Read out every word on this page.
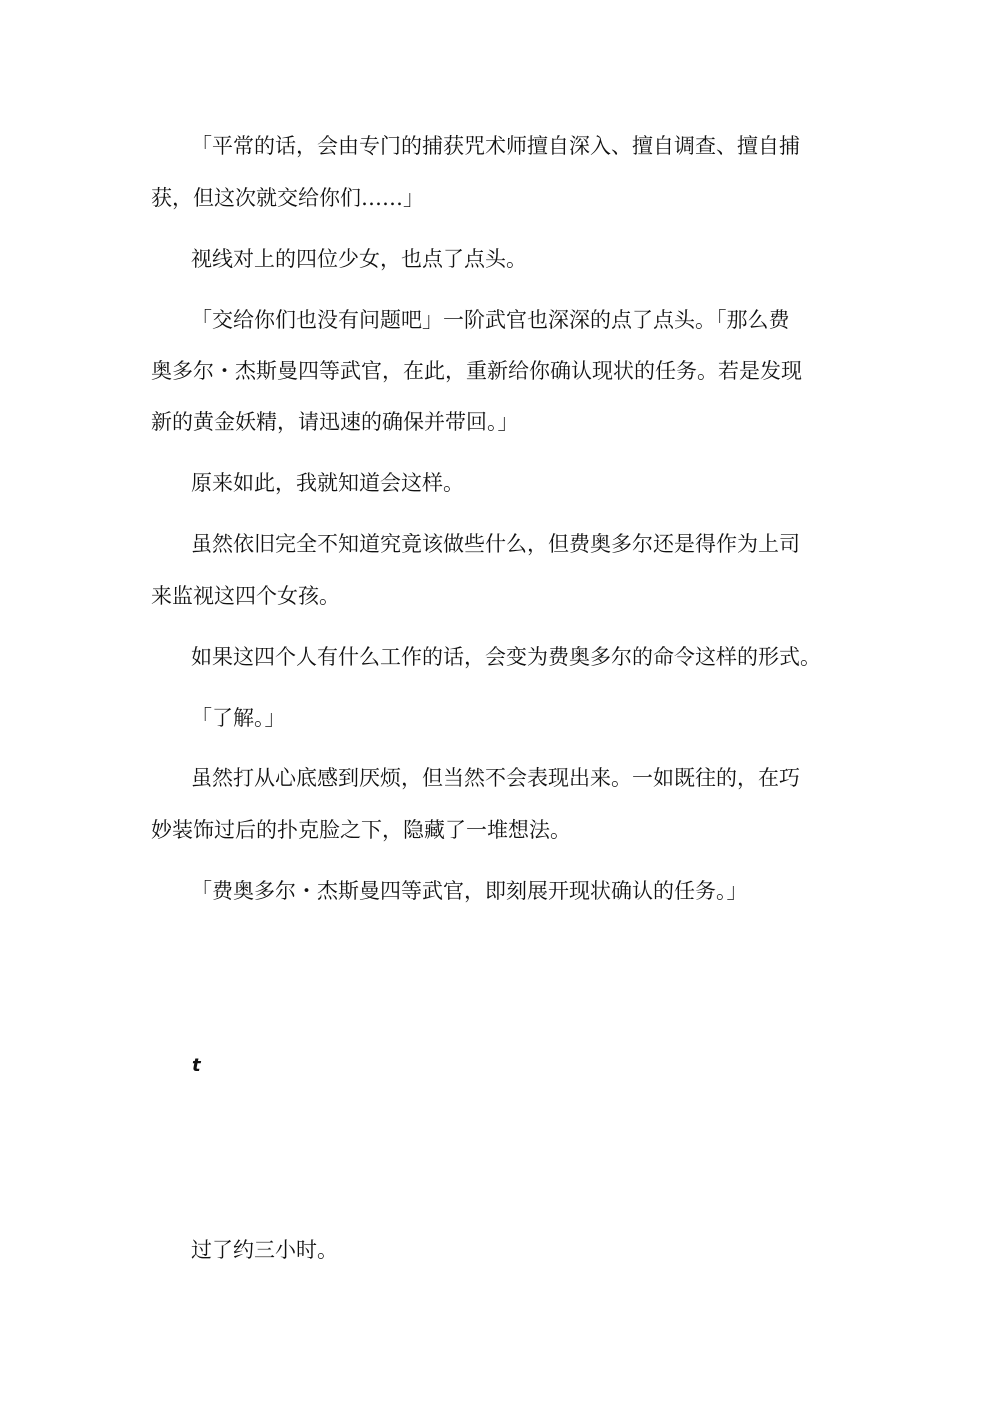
「平常的话，会由专门的捕获咒术师擅自深入、擅自调查、擅自捕
获，但这次就交给你们……」
视线对上的四位少女，也点了点头。
「交给你们也没有问题吧」一阶武官也深深的点了点头。「那么费
奥多尔・杰斯曼四等武官，在此，重新给你确认现状的任务。若是发现
新的黄金妖精，请迅速的确保并带回。」
原来如此，我就知道会这样。
虽然依旧完全不知道究竟该做些什么，但费奥多尔还是得作为上司
来监视这四个女孩。
如果这四个人有什么工作的话，会变为费奥多尔的命令这样的形式。
「了解。」
虽然打从心底感到厌烦，但当然不会表现出来。一如既往的，在巧
妙装饰过后的扑克脸之下，隐藏了一堆想法。
「费奥多尔・杰斯曼四等武官，即刻展开现状确认的任务。」
t
过了约三小时。
